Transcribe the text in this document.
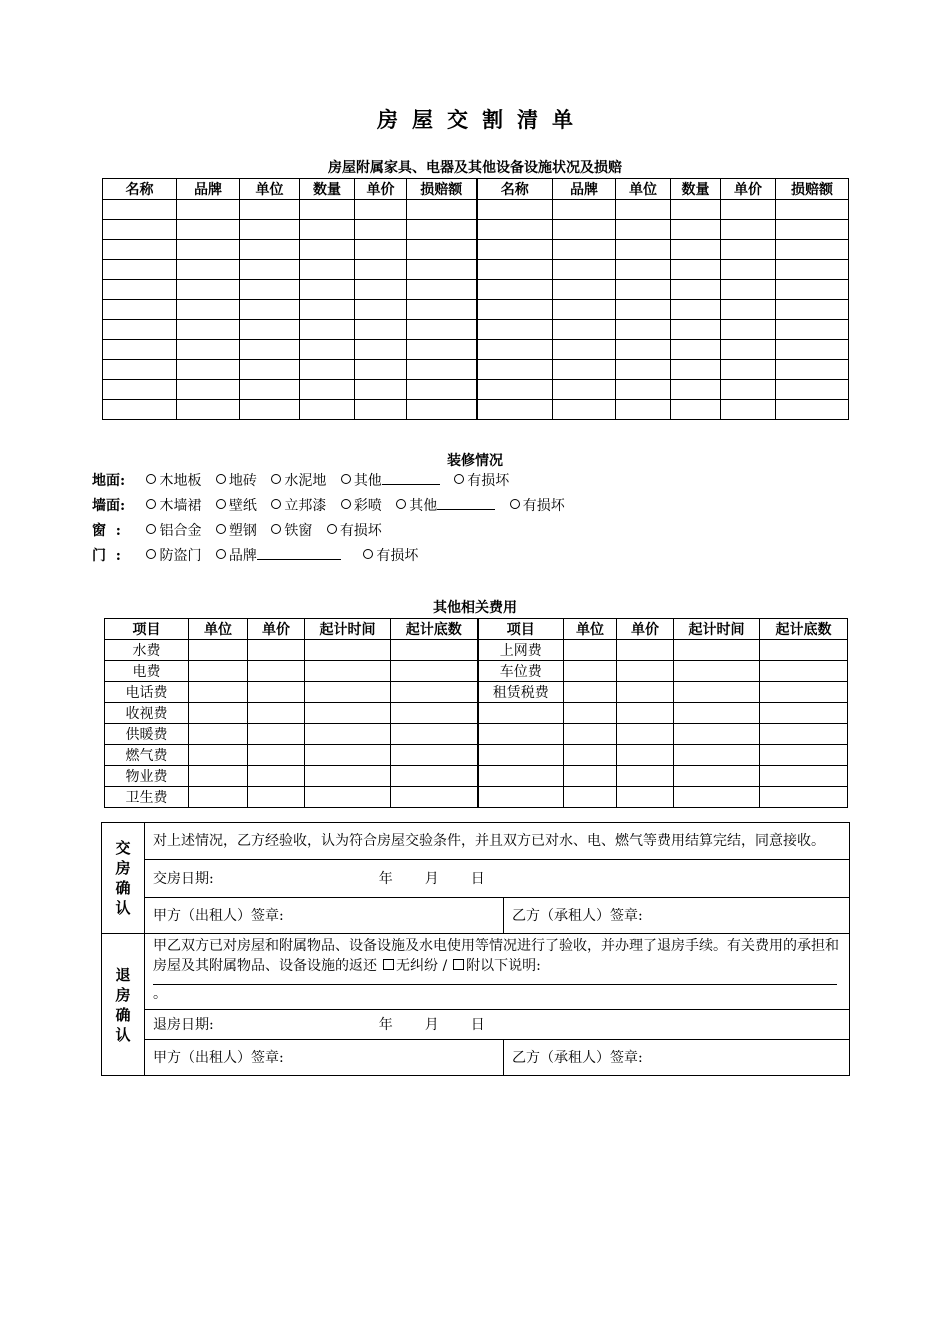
房屋交割清单
房屋附属家具、电器及其他设备设施状况及损赔
名称	品牌	单位	数量	单价	损赔额	名称	品牌	单位	数量	单价	损赔额

装修情况
地面: 木地板 地砖 水泥地 其他	有损坏
墙面: 木墙裙 壁纸 立邦漆 彩喷 其他	有损坏
窗  :	铝合金 塑钢 铁窗 有损坏
门  :	防盗门 品牌	有损坏
其他相关费用
项目	单位	单价	起计时间	起计底数	项目	单位	单价	起计时间	起计底数
水费					上网费				
电费					车位费				
电话费					租赁税费				
收视费									
供暖费									
燃气费									
物业费									
卫生费									
交房确认	对上述情况，乙方经验收，认为符合房屋交验条件，并且双方已对水、电、燃气等费用结算完结，同意接收。	
	交房日期: 年 月 日	
	甲方（出租人）签章:	乙方（承租人）签章:

退房确认	甲乙双方已对房屋和附属物品、设备设施及水电使用等情况进行了验收，并办理了退房手续。有关费用的承担和房屋及其附属物品、设备设施的返还 无纠纷 / 附以下说明:
。	

	退房日期: 年 月 日	
	甲方（出租人）签章:	乙方（承租人）签章:
